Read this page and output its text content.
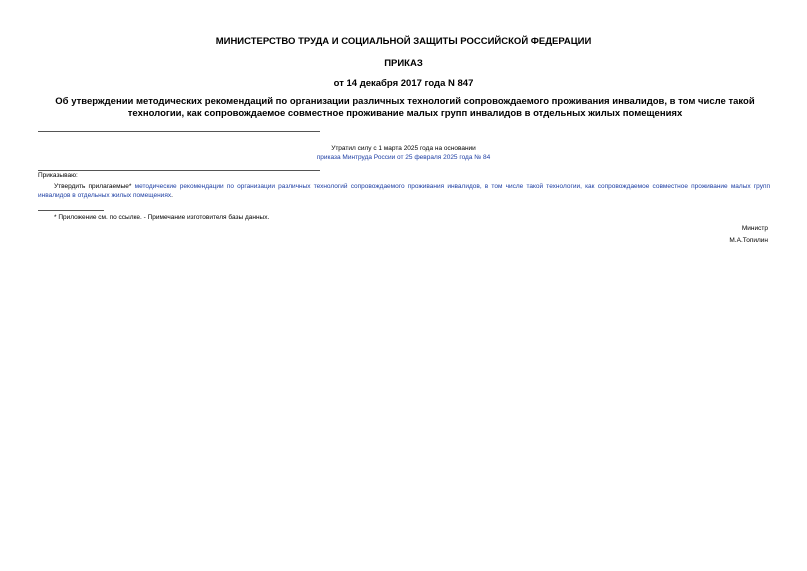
МИНИСТЕРСТВО ТРУДА И СОЦИАЛЬНОЙ ЗАЩИТЫ РОССИЙСКОЙ ФЕДЕРАЦИИ
ПРИКАЗ
от 14 декабря 2017 года N 847
Об утверждении методических рекомендаций по организации различных технологий сопровождаемого проживания инвалидов, в том числе такой технологии, как сопровождаемое совместное проживание малых групп инвалидов в отдельных жилых помещениях
Утратил силу с 1 марта 2025 года на основании
приказа Минтруда России от 25 февраля 2025 года № 84
Приказываю:
Утвердить прилагаемые* методические рекомендации по организации различных технологий сопровождаемого проживания инвалидов, в том числе такой технологии, как сопровождаемое совместное проживание малых групп инвалидов в отдельных жилых помещениях.
* Приложение см. по ссылке. - Примечание изготовителя базы данных.
Министр
М.А.Топилин
